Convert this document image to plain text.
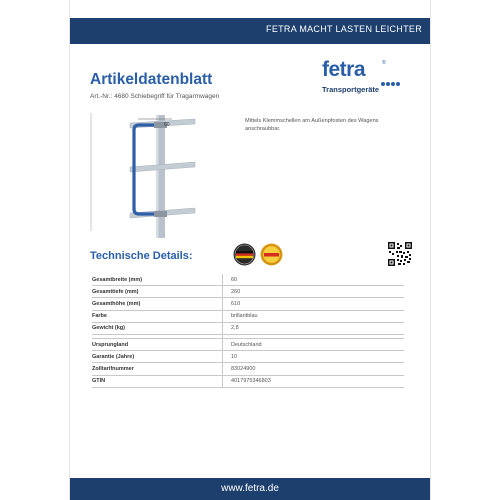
FETRA MACHT LASTEN LEICHTER
Artikeldatenblatt
Art.-Nr.: 4680 Schiebegriff für Tragarmwagen
fetra	®
Transportgeräte
60
Mittels Klemmschellen am Außenpfosten des Wagens anschraubbar.
Technische Details:
Gesamtbreite (mm)	60
Gesamttiefe (mm)	260
Gesamthöhe (mm)	610
Farbe	brillantblau
Gewicht (kg)	2,8

Ursprungland	Deutschland
Garantie (Jahre)	10
Zolltarifnummer	83024900
GTIN	4017975346803
www.fetra.de
